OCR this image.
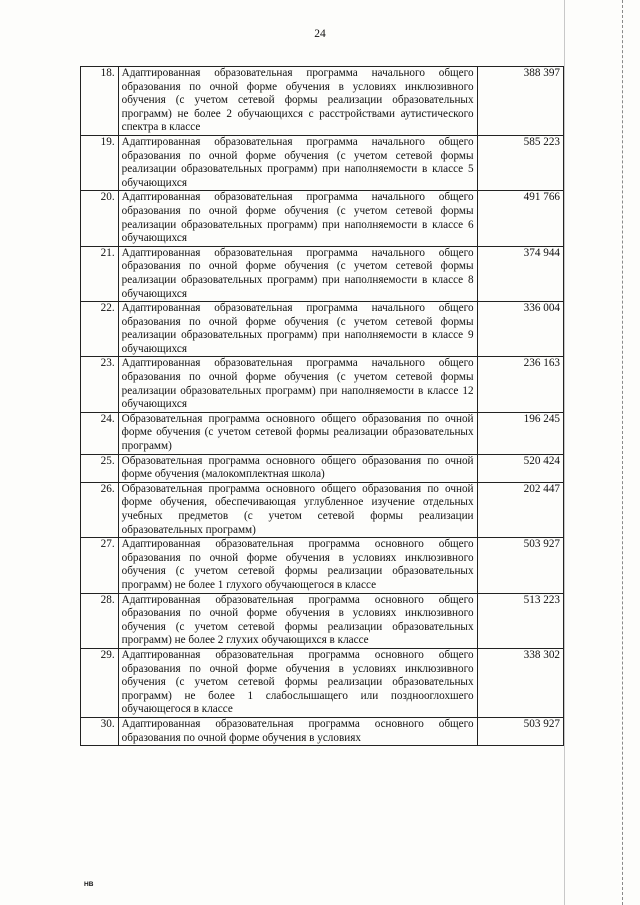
24
18.	Адаптированная образовательная программа начального общего образования по очной форме обучения в условиях инклюзивного обучения (с учетом сетевой формы реализации образовательных программ) не более 2 обучающихся с расстройствами аутистического спектра в классе	388 397
19.	Адаптированная образовательная программа начального общего образования по очной форме обучения (с учетом сетевой формы реализации образовательных программ) при наполняемости в классе 5 обучающихся	585 223
20.	Адаптированная образовательная программа начального общего образования по очной форме обучения (с учетом сетевой формы реализации образовательных программ) при наполняемости в классе 6 обучающихся	491 766
21.	Адаптированная образовательная программа начального общего образования по очной форме обучения (с учетом сетевой формы реализации образовательных программ) при наполняемости в классе 8 обучающихся	374 944
22.	Адаптированная образовательная программа начального общего образования по очной форме обучения (с учетом сетевой формы реализации образовательных программ) при наполняемости в классе 9 обучающихся	336 004
23.	Адаптированная образовательная программа начального общего образования по очной форме обучения (с учетом сетевой формы реализации образовательных программ) при наполняемости в классе 12 обучающихся	236 163
24.	Образовательная программа основного общего образования по очной форме обучения (с учетом сетевой формы реализации образовательных программ)	196 245
25.	Образовательная программа основного общего образования по очной форме обучения (малокомплектная школа)	520 424
26.	Образовательная программа основного общего образования по очной форме обучения, обеспечивающая углубленное изучение отдельных учебных предметов (с учетом сетевой формы реализации образовательных программ)	202 447
27.	Адаптированная образовательная программа основного общего образования по очной форме обучения в условиях инклюзивного обучения (с учетом сетевой формы реализации образовательных программ) не более 1 глухого обучающегося в классе	503 927
28.	Адаптированная образовательная программа основного общего образования по очной форме обучения в условиях инклюзивного обучения (с учетом сетевой формы реализации образовательных программ) не более 2 глухих обучающихся в классе	513 223
29.	Адаптированная образовательная программа основного общего образования по очной форме обучения в условиях инклюзивного обучения (с учетом сетевой формы реализации образовательных программ) не более 1 слабослышащего или позднооглохшего обучающегося в классе	338 302
30.	Адаптированная образовательная программа основного общего образования по очной форме обучения в условиях	503 927
НВ
